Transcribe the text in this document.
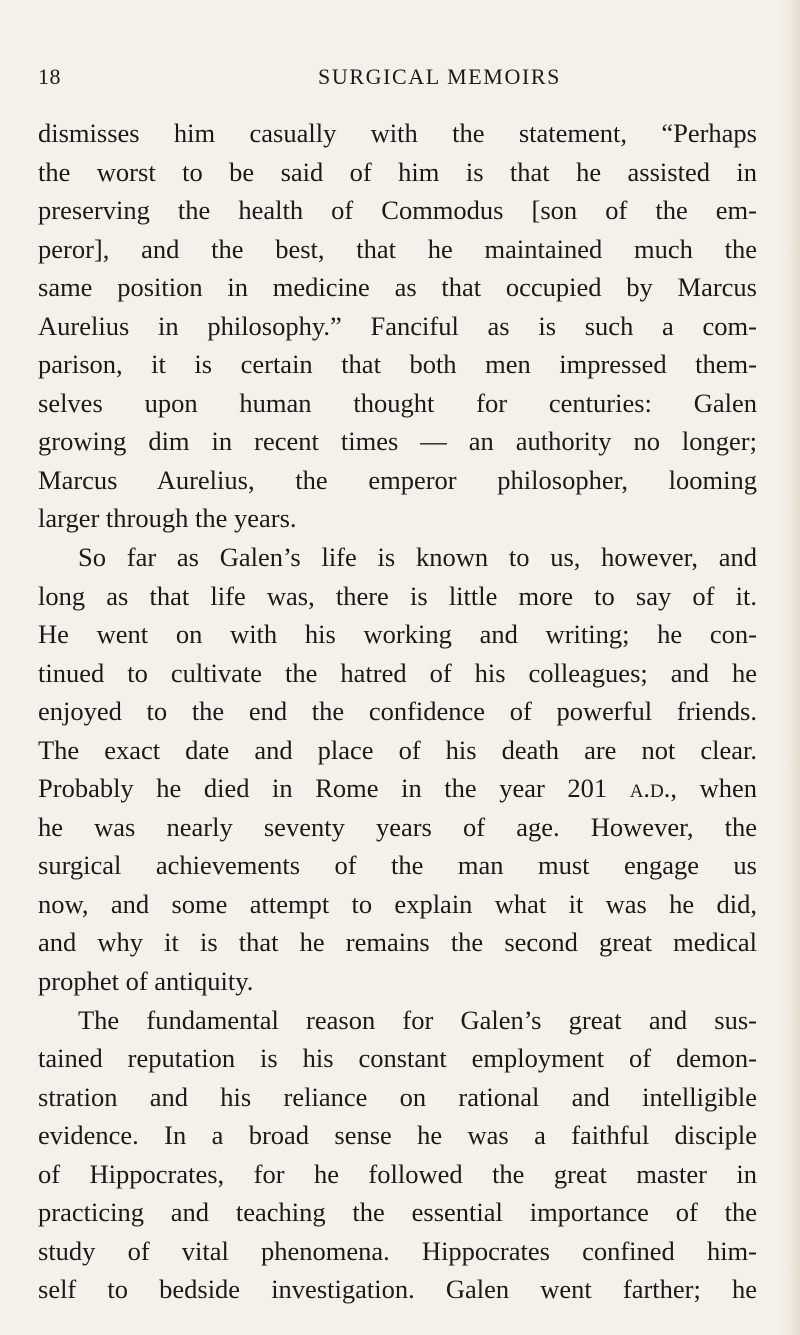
18	SURGICAL MEMOIRS
dismisses him casually with the statement, “Perhaps
the worst to be said of him is that he assisted in
preserving the health of Commodus [son of the em-
peror], and the best, that he maintained much the
same position in medicine as that occupied by Marcus
Aurelius in philosophy.” Fanciful as is such a com-
parison, it is certain that both men impressed them-
selves upon human thought for centuries: Galen
growing dim in recent times — an authority no longer;
Marcus Aurelius, the emperor philosopher, looming
larger through the years.
So far as Galen’s life is known to us, however, and
long as that life was, there is little more to say of it.
He went on with his working and writing; he con-
tinued to cultivate the hatred of his colleagues; and he
enjoyed to the end the confidence of powerful friends.
The exact date and place of his death are not clear.
Probably he died in Rome in the year 201 a.d., when
he was nearly seventy years of age. However, the
surgical achievements of the man must engage us
now, and some attempt to explain what it was he did,
and why it is that he remains the second great medical
prophet of antiquity.
The fundamental reason for Galen’s great and sus-
tained reputation is his constant employment of demon-
stration and his reliance on rational and intelligible
evidence. In a broad sense he was a faithful disciple
of Hippocrates, for he followed the great master in
practicing and teaching the essential importance of the
study of vital phenomena. Hippocrates confined him-
self to bedside investigation. Galen went farther; he
